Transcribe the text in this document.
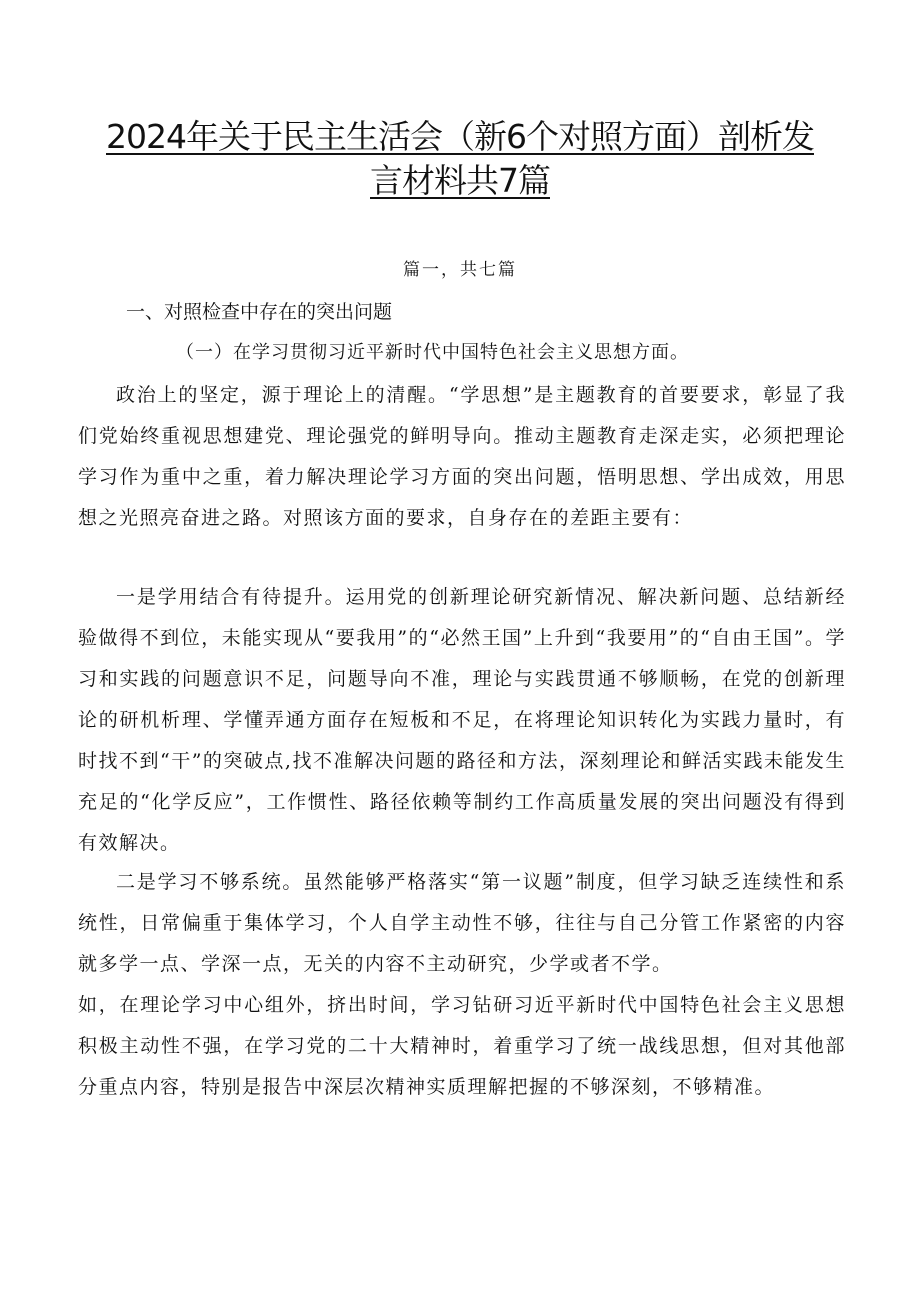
2024年关于民主生活会（新6个对照方面）剖析发
言材料共7篇
篇一，共七篇
一、对照检查中存在的突出问题
（一）在学习贯彻习近平新时代中国特色社会主义思想方面。

政治上的坚定，源于理论上的清醒。“学思想”是主题教育的首要要求，彰显了我们党始终重视思想建党、理论强党的鲜明导向。推动主题教育走深走实，必须把理论学习作为重中之重，着力解决理论学习方面的突出问题，悟明思想、学出成效，用思想之光照亮奋进之路。对照该方面的要求，自身存在的差距主要有：

一是学用结合有待提升。运用党的创新理论研究新情况、解决新问题、总结新经验做得不到位，未能实现从“要我用”的“必然王国”上升到“我要用”的“自由王国”。学习和实践的问题意识不足，问题导向不准，理论与实践贯通不够顺畅，在党的创新理论的研机析理、学懂弄通方面存在短板和不足，在将理论知识转化为实践力量时，有时找不到“干”的突破点,找不准解决问题的路径和方法，深刻理论和鲜活实践未能发生充足的“化学反应”，工作惯性、路径依赖等制约工作高质量发展的突出问题没有得到有效解决。

二是学习不够系统。虽然能够严格落实“第一议题”制度，但学习缺乏连续性和系统性，日常偏重于集体学习，个人自学主动性不够，往往与自己分管工作紧密的内容就多学一点、学深一点，无关的内容不主动研究，少学或者不学。

如，在理论学习中心组外，挤出时间，学习钻研习近平新时代中国特色社会主义思想积极主动性不强，在学习党的二十大精神时，着重学习了统一战线思想，但对其他部分重点内容，特别是报告中深层次精神实质理解把握的不够深刻，不够精准。
